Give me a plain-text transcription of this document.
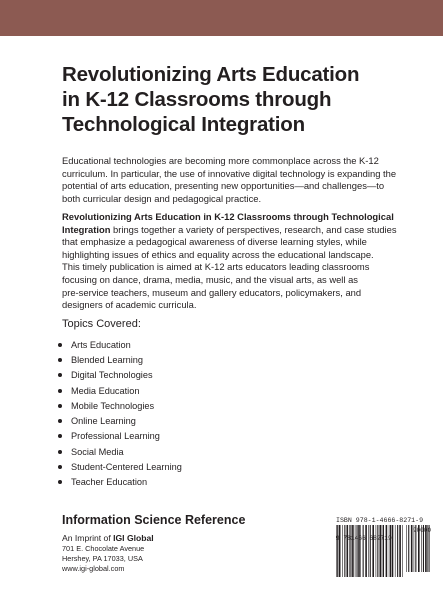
Revolutionizing Arts Education
in K-12 Classrooms through
Technological Integration
Educational technologies are becoming more commonplace across the K-12
curriculum. In particular, the use of innovative digital technology is expanding the
potential of arts education, presenting new opportunities—and challenges—to
both curricular design and pedagogical practice.
Revolutionizing Arts Education in K-12 Classrooms through Technological
Integration brings together a variety of perspectives, research, and case studies
that emphasize a pedagogical awareness of diverse learning styles, while
highlighting issues of ethics and equality across the educational landscape.
This timely publication is aimed at K-12 arts educators leading classrooms
focusing on dance, drama, media, music, and the visual arts, as well as
pre-service teachers, museum and gallery educators, policymakers, and
designers of academic curricula.
Topics Covered:
Arts Education
Blended Learning
Digital Technologies
Media Education
Mobile Technologies
Online Learning
Professional Learning
Social Media
Student-Centered Learning
Teacher Education
Information Science Reference
An Imprint of IGI Global
701 E. Chocolate Avenue
Hershey, PA 17033, USA
www.igi-global.com
ISBN 978-1-4666-8271-9
90000
9 781466 682719
